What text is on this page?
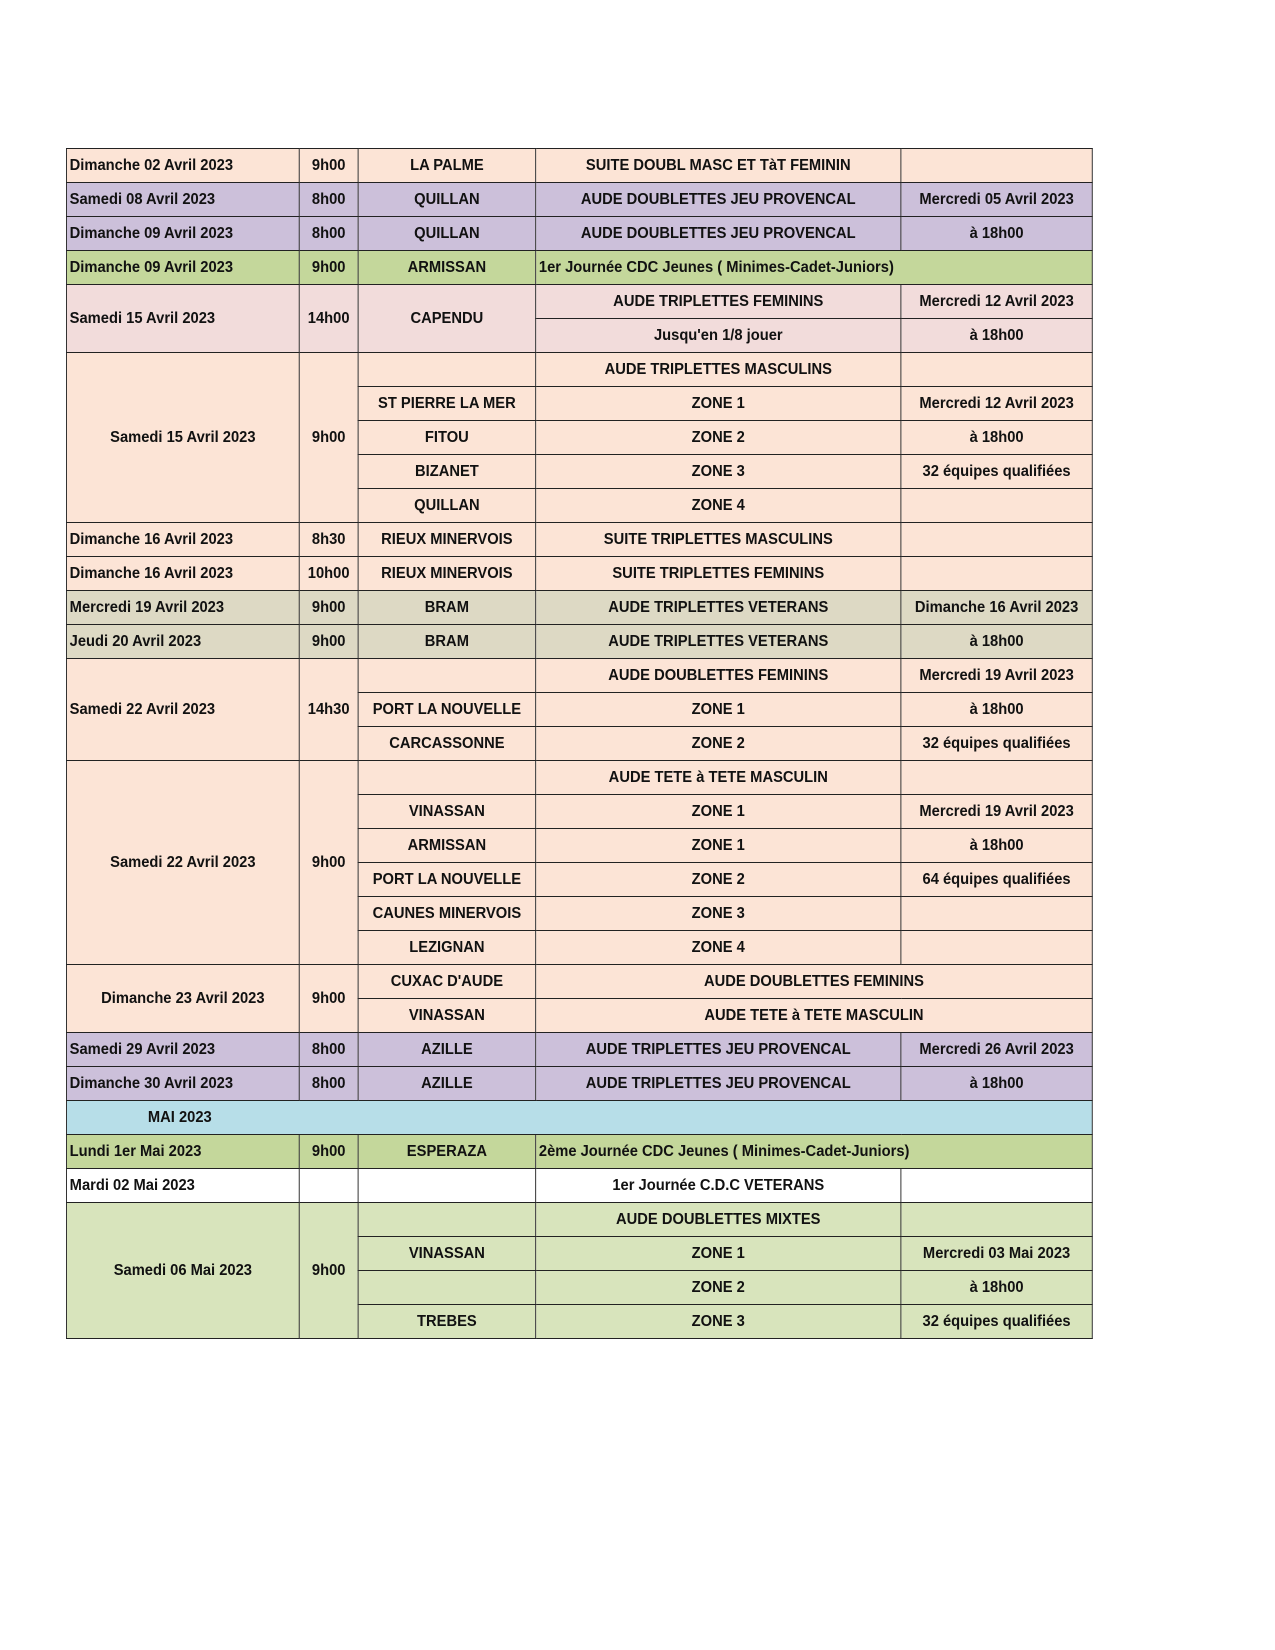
Dimanche 02 Avril 2023	9h00	LA PALME	SUITE DOUBL MASC ET TàT FEMININ	
Samedi 08 Avril 2023	8h00	QUILLAN	AUDE DOUBLETTES JEU PROVENCAL	Mercredi 05 Avril 2023
Dimanche 09 Avril 2023	8h00	QUILLAN	AUDE DOUBLETTES JEU PROVENCAL	à 18h00
Dimanche 09 Avril 2023	9h00	ARMISSAN	1er Journée CDC Jeunes ( Minimes-Cadet-Juniors)	
Samedi 15 Avril 2023	14h00	CAPENDU	AUDE TRIPLETTES FEMININS	Mercredi 12 Avril 2023
			Jusqu'en 1/8 jouer	à 18h00
Samedi 15 Avril 2023	9h00		AUDE TRIPLETTES MASCULINS	
		ST PIERRE LA MER	ZONE 1	Mercredi 12 Avril 2023
		FITOU	ZONE 2	à 18h00
		BIZANET	ZONE 3	32 équipes qualifiées
		QUILLAN	ZONE 4	
Dimanche 16 Avril 2023	8h30	RIEUX MINERVOIS	SUITE TRIPLETTES MASCULINS	
Dimanche 16 Avril 2023	10h00	RIEUX MINERVOIS	SUITE TRIPLETTES FEMININS	
Mercredi 19 Avril 2023	9h00	BRAM	AUDE TRIPLETTES VETERANS	Dimanche 16 Avril 2023
Jeudi 20 Avril 2023	9h00	BRAM	AUDE TRIPLETTES VETERANS	à 18h00
Samedi 22 Avril 2023	14h30		AUDE DOUBLETTES FEMININS	Mercredi 19 Avril 2023
		PORT LA NOUVELLE	ZONE 1	à 18h00
		CARCASSONNE	ZONE 2	32 équipes qualifiées
Samedi 22 Avril 2023	9h00		AUDE TETE à TETE MASCULIN	
		VINASSAN	ZONE 1	Mercredi 19 Avril 2023
		ARMISSAN	ZONE 1	à 18h00
		PORT LA NOUVELLE	ZONE 2	64 équipes qualifiées
		CAUNES MINERVOIS	ZONE 3	
		LEZIGNAN	ZONE 4	
Dimanche 23 Avril 2023	9h00	CUXAC D'AUDE	AUDE DOUBLETTES FEMININS	
		VINASSAN	AUDE TETE à TETE MASCULIN	
Samedi 29 Avril 2023	8h00	AZILLE	AUDE TRIPLETTES JEU PROVENCAL	Mercredi 26 Avril 2023
Dimanche 30 Avril 2023	8h00	AZILLE	AUDE TRIPLETTES JEU PROVENCAL	à 18h00
MAI 2023				
Lundi 1er Mai 2023	9h00	ESPERAZA	2ème Journée CDC Jeunes ( Minimes-Cadet-Juniors)	
Mardi 02 Mai 2023			1er Journée C.D.C VETERANS	
Samedi 06 Mai 2023	9h00		AUDE DOUBLETTES MIXTES	
		VINASSAN	ZONE 1	Mercredi 03 Mai 2023
			ZONE 2	à 18h00
		TREBES	ZONE 3	32 équipes qualifiées
